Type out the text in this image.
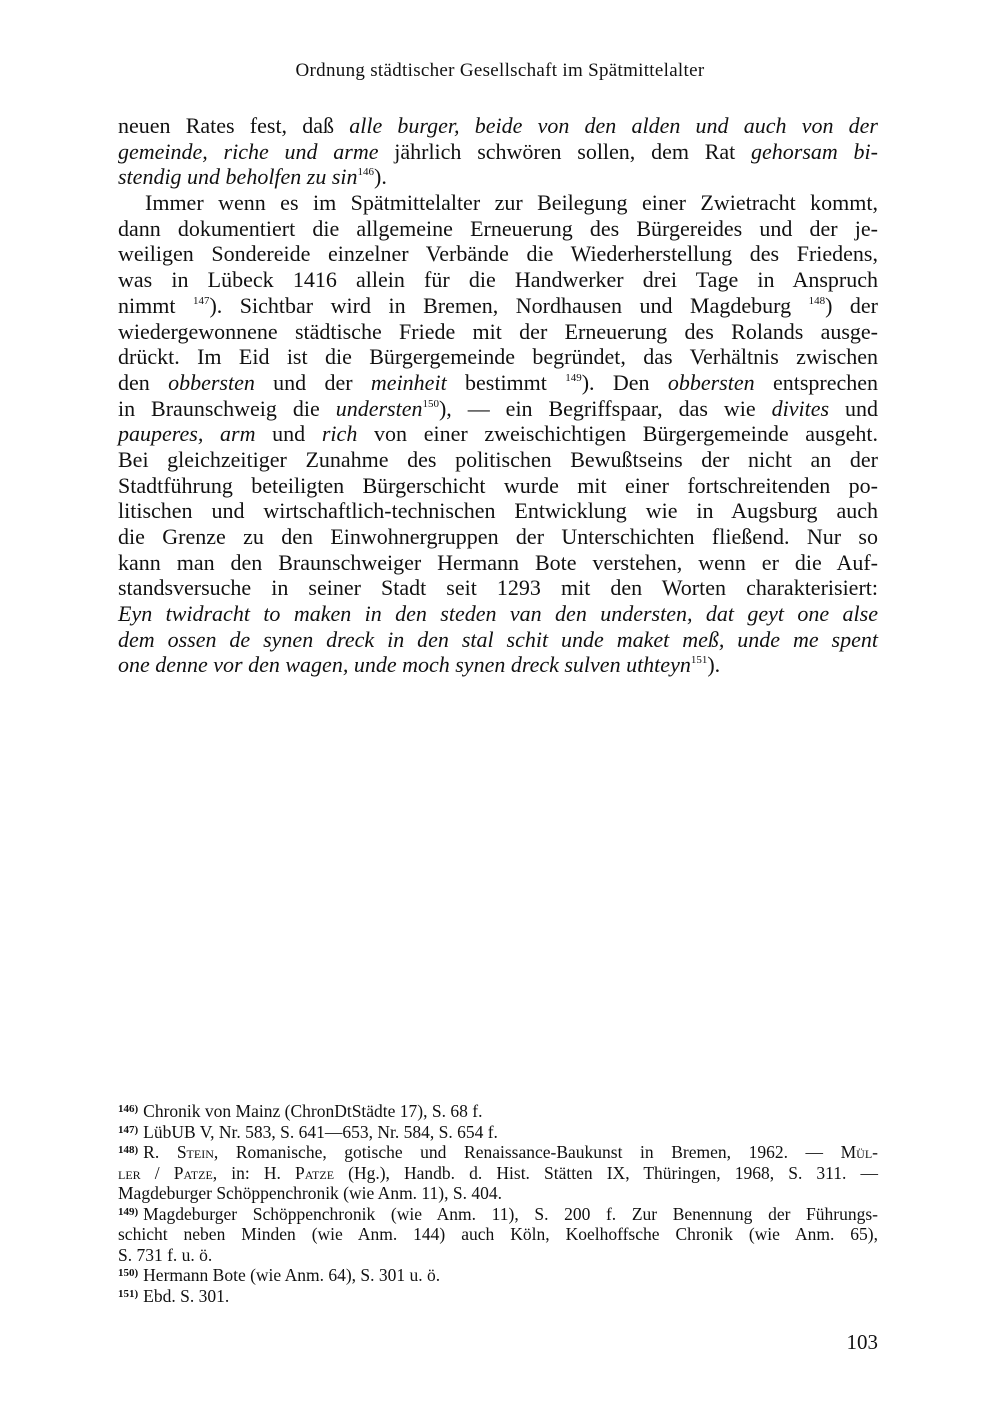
Ordnung städtischer Gesellschaft im Spätmittelalter
neuen Rates fest, daß alle burger, beide von den alden und auch von der
gemeinde, riche und arme jährlich schwören sollen, dem Rat gehorsam bi-
stendig und beholfen zu $\sin^{146}$).
Immer wenn es im Spätmittelalter zur Beilegung einer Zwietracht kommt,
dann dokumentiert die allgemeine Erneuerung des Bürgereides und der je-
weiligen Sondereide einzelner Verbände die Wiederherstellung des Friedens,
was in Lübeck 1416 allein für die Handwerker drei Tage in Anspruch
nimmt $^{147}$). Sichtbar wird in Bremen, Nordhausen und Magdeburg $^{148}$) der
wiedergewonnene städtische Friede mit der Erneuerung des Rolands ausge-
drückt. Im Eid ist die Bürgergemeinde begründet, das Verhältnis zwischen
den obbersten und der meinheit bestimmt $^{149}$). Den obbersten entsprechen
in Braunschweig die understen$^{150}$), — ein Begriffspaar, das wie divites und
pauperes, arm und rich von einer zweischichtigen Bürgergemeinde ausgeht.
Bei gleichzeitiger Zunahme des politischen Bewußtseins der nicht an der
Stadtführung beteiligten Bürgerschicht wurde mit einer fortschreitenden po-
litischen und wirtschaftlich-technischen Entwicklung wie in Augsburg auch
die Grenze zu den Einwohnergruppen der Unterschichten fließend. Nur so
kann man den Braunschweiger Hermann Bote verstehen, wenn er die Auf-
standsversuche in seiner Stadt seit 1293 mit den Worten charakterisiert:
Eyn twidracht to maken in den steden van den understen, dat geyt one alse
dem ossen de synen dreck in den stal schit unde maket meß, unde me spent
one denne vor den wagen, unde moch synen dreck sulven uthteyn$^{151}$).
$^{146)}$ Chronik von Mainz (ChronDtStädte 17), S. 68 f.
$^{147)}$ LübUB V, Nr. 583, S. 641—653, Nr. 584, S. 654 f.
$^{148)}$ R. Stein, Romanische, gotische und Renaissance-Baukunst in Bremen, 1962. — Mül-
ler / Patze, in: H. Patze (Hg.), Handb. d. Hist. Stätten IX, Thüringen, 1968, S. 311. —
Magdeburger Schöppenchronik (wie Anm. 11), S. 404.
$^{149)}$ Magdeburger Schöppenchronik (wie Anm. 11), S. 200 f. Zur Benennung der Führungs-
schicht neben Minden (wie Anm. 144) auch Köln, Koelhoffsche Chronik (wie Anm. 65),
S. 731 f. u. ö.
$^{150)}$ Hermann Bote (wie Anm. 64), S. 301 u. ö.
$^{151)}$ Ebd. S. 301.
103
